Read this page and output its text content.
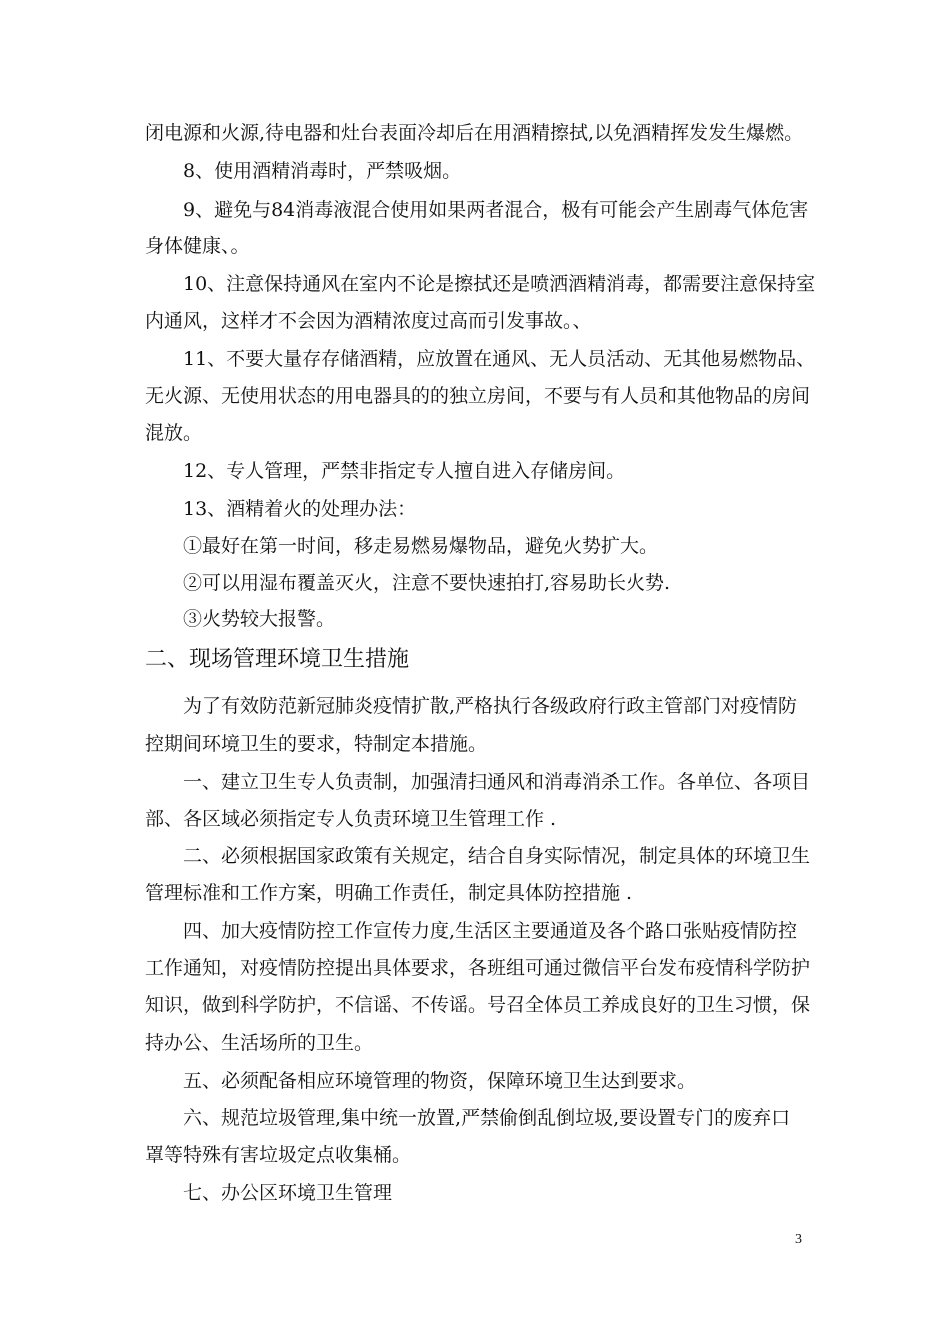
闭电源和火源,待电器和灶台表面冷却后在用酒精擦拭,以免酒精挥发发生爆燃。
8、使用酒精消毒时，严禁吸烟。
9、避免与84消毒液混合使用如果两者混合，极有可能会产生剧毒气体危害
身体健康、。
10、注意保持通风在室内不论是擦拭还是喷洒酒精消毒，都需要注意保持室
内通风，这样才不会因为酒精浓度过高而引发事故。、
11、不要大量存存储酒精，应放置在通风、无人员活动、无其他易燃物品、
无火源、无使用状态的用电器具的的独立房间，不要与有人员和其他物品的房间
混放。
12、专人管理，严禁非指定专人擅自进入存储房间。
13、酒精着火的处理办法：
①最好在第一时间，移走易燃易爆物品，避免火势扩大。
②可以用湿布覆盖灭火，注意不要快速拍打,容易助长火势.
③火势较大报警。
二、现场管理环境卫生措施
为了有效防范新冠肺炎疫情扩散,严格执行各级政府行政主管部门对疫情防
控期间环境卫生的要求，特制定本措施。
一、建立卫生专人负责制，加强清扫通风和消毒消杀工作。各单位、各项目
部、各区域必须指定专人负责环境卫生管理工作 .
二、必须根据国家政策有关规定，结合自身实际情况，制定具体的环境卫生
管理标准和工作方案，明确工作责任，制定具体防控措施 .
四、加大疫情防控工作宣传力度,生活区主要通道及各个路口张贴疫情防控
工作通知，对疫情防控提出具体要求，各班组可通过微信平台发布疫情科学防护
知识，做到科学防护，不信谣、不传谣。号召全体员工养成良好的卫生习惯，保
持办公、生活场所的卫生。
五、必须配备相应环境管理的物资，保障环境卫生达到要求。
六、规范垃圾管理,集中统一放置,严禁偷倒乱倒垃圾,要设置专门的废弃口
罩等特殊有害垃圾定点收集桶。
七、办公区环境卫生管理
3
